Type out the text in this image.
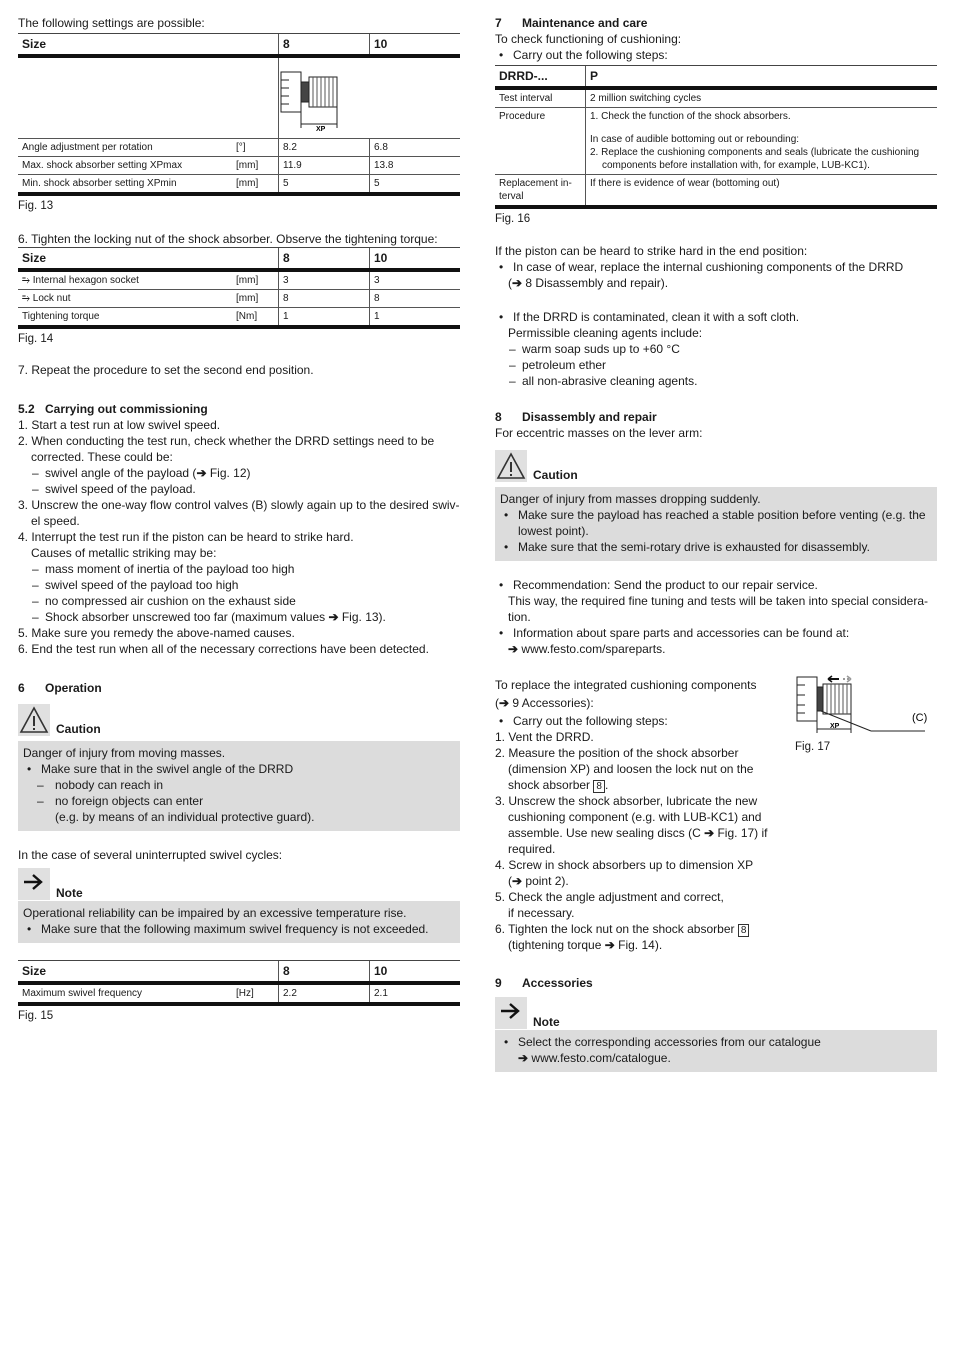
The following settings are possible:

Size		8	10

XP	

Angle adjustment per rotation	[°]	8.2	6.8
Max. shock absorber setting XPmax	[mm]	11.9	13.8
Min. shock absorber setting XPmin	[mm]	5	5

Fig. 13

6. Tighten the locking nut of the shock absorber. Observe the tightening torque:

Size		8	10
⥱ Internal hexagon socket	[mm]	3	3
⥱ Lock nut	[mm]	8	8
Tightening torque	[Nm]	1	1

Fig. 14

7. Repeat the procedure to set the second end position.

5.2 Carrying out commissioning

1. Start a test run at low swivel speed.

2. When conducting the test run, check whether the DRRD settings need to be

corrected. These could be:

– swivel angle of the payload (➔ Fig. 12)

– swivel speed of the payload.

3. Unscrew the one-way flow control valves (B) slowly again up to the desired swiv-

el speed.

4. Interrupt the test run if the piston can be heard to strike hard.

Causes of metallic striking may be:

– mass moment of inertia of the payload too high

– swivel speed of the payload too high

– no compressed air cushion on the exhaust side

– Shock absorber unscrewed too far (maximum values ➔ Fig. 13).

5. Make sure you remedy the above-named causes.

6. End the test run when all of the necessary corrections have been detected.

6 Operation

Caution

Danger of injury from moving masses.

• Make sure that in the swivel angle of the DRRD

– nobody can reach in

– no foreign objects can enter

(e.g. by means of an individual protective guard).

In the case of several uninterrupted swivel cycles:

Note

Operational reliability can be impaired by an excessive temperature rise.

• Make sure that the following maximum swivel frequency is not exceeded.

Size		8	10
Maximum swivel frequency	[Hz]	2.2	2.1

Fig. 15

7 Maintenance and care

To check functioning of cushioning:

• Carry out the following steps:

DRRD-...	P
Test interval	2 million switching cycles
Procedure	1. Check the function of the shock absorbers.
In case of audible bottoming out or rebounding:
2. Replace the cushioning components and seals (lubricate the cushioning
components before installation with, for example, LUB-KC1).

Replacement in-
terval	If there is evidence of wear (bottoming out)

Fig. 16

If the piston can be heard to strike hard in the end position:

• In case of wear, replace the internal cushioning components of the DRRD

(➔ 8 Disassembly and repair).

• If the DRRD is contaminated, clean it with a soft cloth.

Permissible cleaning agents include:

– warm soap suds up to +60 °C

– petroleum ether

– all non-abrasive cleaning agents.

8 Disassembly and repair

For eccentric masses on the lever arm:

Caution

Danger of injury from masses dropping suddenly.

• Make sure the payload has reached a stable position before venting (e.g. the

lowest point).

• Make sure that the semi-rotary drive is exhausted for disassembly.

• Recommendation: Send the product to our repair service.

This way, the required fine tuning and tests will be taken into special considera-

tion.

• Information about spare parts and accessories can be found at:

➔ www.festo.com/spareparts.

To replace the integrated cushioning components

(➔ 9 Accessories):

• Carry out the following steps:

1. Vent the DRRD.

2. Measure the position of the shock absorber

(dimension XP) and loosen the lock nut on the

shock absorber 8 .

3. Unscrew the shock absorber, lubricate the new

cushioning component (e.g. with LUB-KC1) and

assemble. Use new sealing discs (C ➔ Fig. 17) if

required.

4. Screw in shock absorbers up to dimension XP

(➔ point 2).

5. Check the angle adjustment and correct,

if necessary.

6. Tighten the lock nut on the shock absorber 8

(tightening torque ➔ Fig. 14).

XP
(C)

Fig. 17

9 Accessories

Note

• Select the corresponding accessories from our catalogue

➔ www.festo.com/catalogue.
